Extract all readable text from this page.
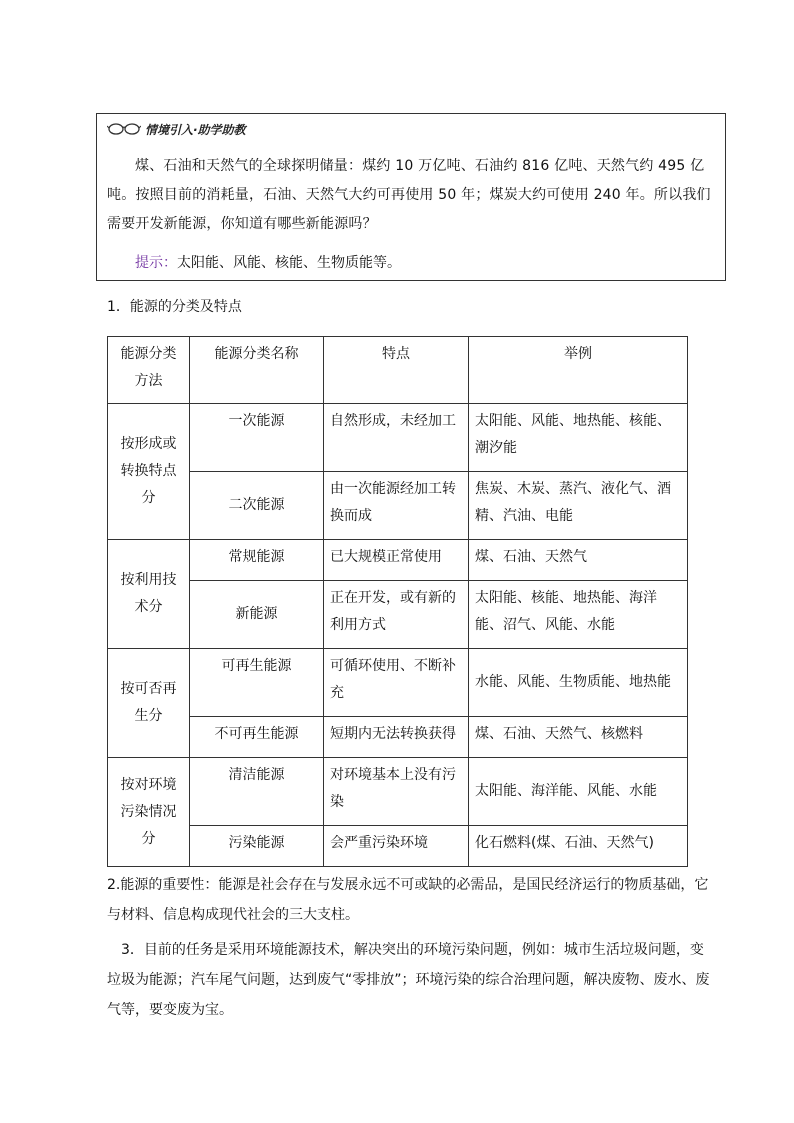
情境引入·助学助教
煤、石油和天然气的全球探明储量：煤约 10 万亿吨、石油约 816 亿吨、天然气约 495 亿吨。按照目前的消耗量，石油、天然气大约可再使用 50 年；煤炭大约可使用 240 年。所以我们需要开发新能源，你知道有哪些新能源吗？
提示：太阳能、风能、核能、生物质能等。
1．能源的分类及特点
能源分类方法	能源分类名称	特点	举例
按形成或转换特点分	一次能源	自然形成，未经加工	太阳能、风能、地热能、核能、潮汐能
	二次能源	由一次能源经加工转换而成	焦炭、木炭、蒸汽、液化气、酒精、汽油、电能
按利用技术分	常规能源	已大规模正常使用	煤、石油、天然气
	新能源	正在开发，或有新的利用方式	太阳能、核能、地热能、海洋能、沼气、风能、水能
按可否再生分	可再生能源	可循环使用、不断补充	水能、风能、生物质能、地热能
	不可再生能源	短期内无法转换获得	煤、石油、天然气、核燃料
按对环境污染情况分	清洁能源	对环境基本上没有污染	太阳能、海洋能、风能、水能
	污染能源	会严重污染环境	化石燃料(煤、石油、天然气)
2.能源的重要性：能源是社会存在与发展永远不可或缺的必需品，是国民经济运行的物质基础，它与材料、信息构成现代社会的三大支柱。
3．目前的任务是采用环境能源技术，解决突出的环境污染问题，例如：城市生活垃圾问题，变垃圾为能源；汽车尾气问题，达到废气“零排放”；环境污染的综合治理问题，解决废物、废水、废气等，要变废为宝。
